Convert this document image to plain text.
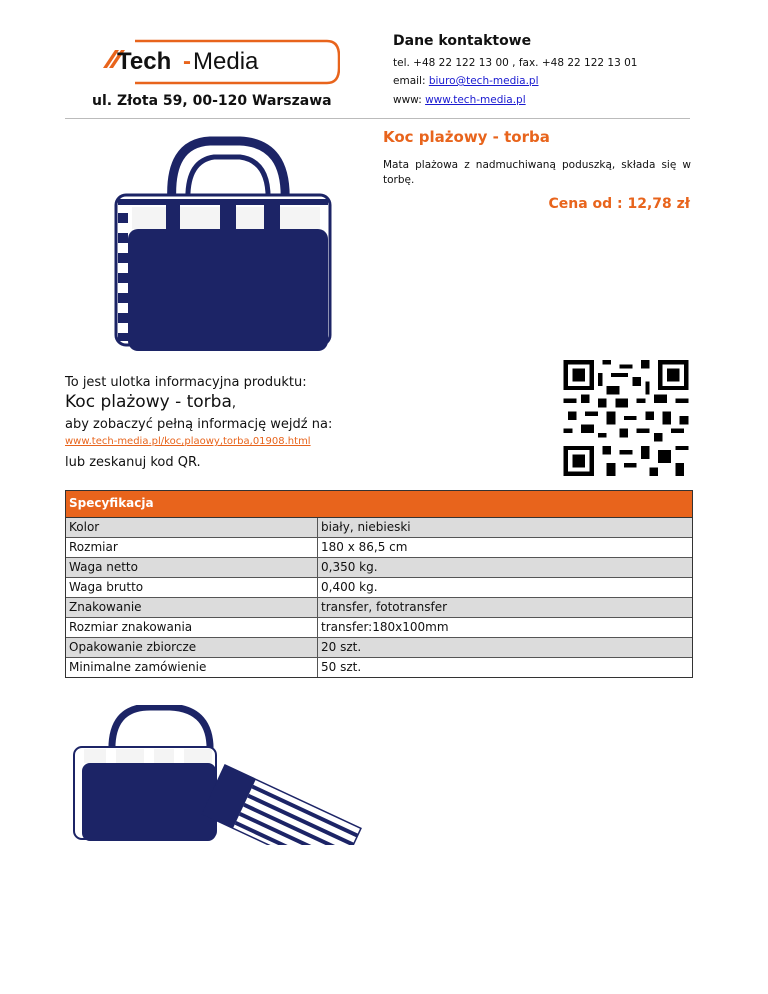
Tech - Media
ul. Złota 59, 00-120 Warszawa
Dane kontaktowe
tel. +48 22 122 13 00 , fax. +48 22 122 13 01
email: biuro@tech-media.pl
www: www.tech-media.pl
Koc plażowy - torba
Mata plażowa z nadmuchiwaną poduszką, składa się w torbę.
Cena od : 12,78 zł
To jest ulotka informacyjna produktu:
Koc plażowy - torba,
aby zobaczyć pełną informację wejdź na:
www.tech-media.pl/koc,plaowy,torba,01908.html
lub zeskanuj kod QR.
Specyfikacja
Kolor	biały, niebieski
Rozmiar	180 x 86,5 cm
Waga netto	0,350 kg.
Waga brutto	0,400 kg.
Znakowanie	transfer, fototransfer
Rozmiar znakowania	transfer:180x100mm
Opakowanie zbiorcze	20 szt.
Minimalne zamówienie	50 szt.
